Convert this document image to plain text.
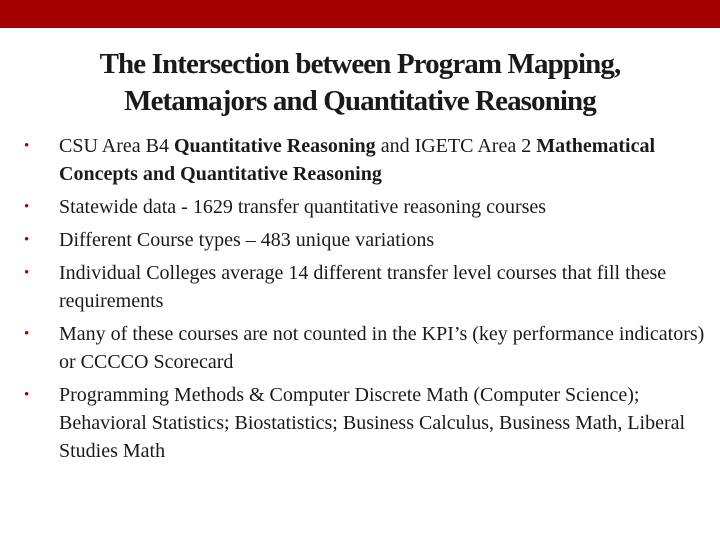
The Intersection between Program Mapping,
Metamajors and Quantitative Reasoning
• CSU Area B4 Quantitative Reasoning and IGETC Area 2 Mathematical Concepts and Quantitative Reasoning
• Statewide data - 1629 transfer quantitative reasoning courses
• Different Course types – 483 unique variations
• Individual Colleges average 14 different transfer level courses that fill these requirements
• Many of these courses are not counted in the KPI’s (key performance indicators) or CCCCO Scorecard
• Programming Methods & Computer Discrete Math (Computer Science); Behavioral Statistics; Biostatistics; Business Calculus, Business Math, Liberal Studies Math
